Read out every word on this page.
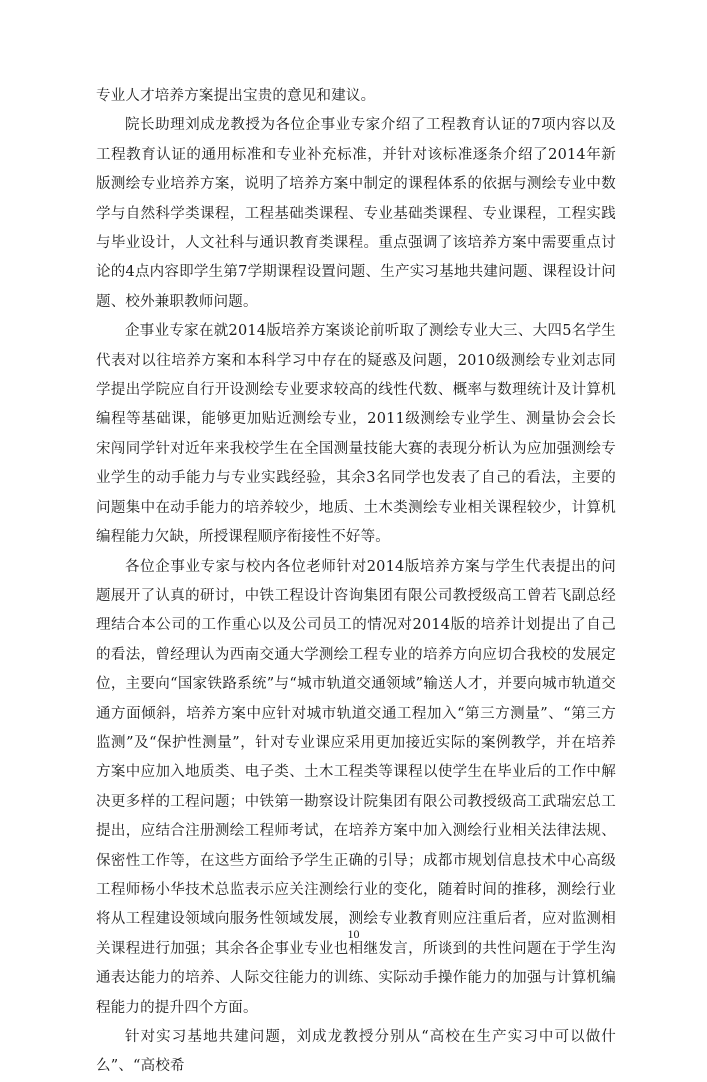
专业人才培养方案提出宝贵的意见和建议。

院长助理刘成龙教授为各位企事业专家介绍了工程教育认证的7项内容以及工程教育认证的通用标准和专业补充标准，并针对该标准逐条介绍了2014年新版测绘专业培养方案，说明了培养方案中制定的课程体系的依据与测绘专业中数学与自然科学类课程，工程基础类课程、专业基础类课程、专业课程，工程实践与毕业设计，人文社科与通识教育类课程。重点强调了该培养方案中需要重点讨论的4点内容即学生第7学期课程设置问题、生产实习基地共建问题、课程设计问题、校外兼职教师问题。

企事业专家在就2014版培养方案谈论前听取了测绘专业大三、大四5名学生代表对以往培养方案和本科学习中存在的疑惑及问题，2010级测绘专业刘志同学提出学院应自行开设测绘专业要求较高的线性代数、概率与数理统计及计算机编程等基础课，能够更加贴近测绘专业，2011级测绘专业学生、测量协会会长宋闯同学针对近年来我校学生在全国测量技能大赛的表现分析认为应加强测绘专业学生的动手能力与专业实践经验，其余3名同学也发表了自己的看法，主要的问题集中在动手能力的培养较少，地质、土木类测绘专业相关课程较少，计算机编程能力欠缺，所授课程顺序衔接性不好等。

各位企事业专家与校内各位老师针对2014版培养方案与学生代表提出的问题展开了认真的研讨，中铁工程设计咨询集团有限公司教授级高工曾若飞副总经理结合本公司的工作重心以及公司员工的情况对2014版的培养计划提出了自己的看法，曾经理认为西南交通大学测绘工程专业的培养方向应切合我校的发展定位，主要向“国家铁路系统”与“城市轨道交通领域”输送人才，并要向城市轨道交通方面倾斜，培养方案中应针对城市轨道交通工程加入“第三方测量”、“第三方监测”及“保护性测量”，针对专业课应采用更加接近实际的案例教学，并在培养方案中应加入地质类、电子类、土木工程类等课程以使学生在毕业后的工作中解决更多样的工程问题；中铁第一勘察设计院集团有限公司教授级高工武瑞宏总工提出，应结合注册测绘工程师考试，在培养方案中加入测绘行业相关法律法规、保密性工作等，在这些方面给予学生正确的引导；成都市规划信息技术中心高级工程师杨小华技术总监表示应关注测绘行业的变化，随着时间的推移，测绘行业将从工程建设领域向服务性领域发展，测绘专业教育则应注重后者，应对监测相关课程进行加强；其余各企事业专业也相继发言，所谈到的共性问题在于学生沟通表达能力的培养、人际交往能力的训练、实际动手操作能力的加强与计算机编程能力的提升四个方面。

针对实习基地共建问题，刘成龙教授分别从“高校在生产实习中可以做什么”、“高校希

10
